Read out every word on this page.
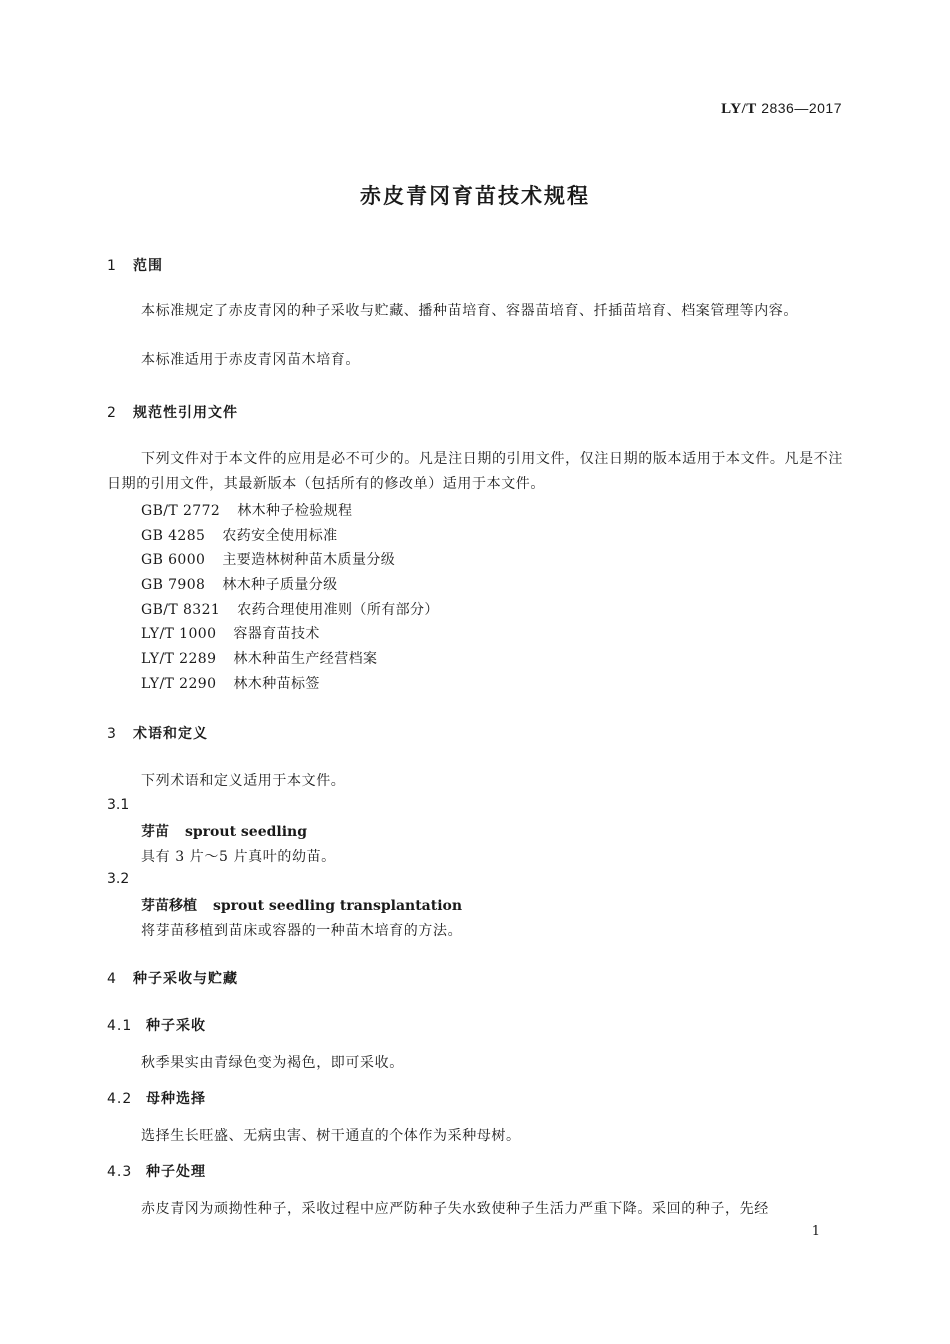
LY/T 2836—2017
赤皮青冈育苗技术规程
1 范围
本标准规定了赤皮青冈的种子采收与贮藏、播种苗培育、容器苗培育、扦插苗培育、档案管理等内容。
本标准适用于赤皮青冈苗木培育。
2 规范性引用文件
下列文件对于本文件的应用是必不可少的。凡是注日期的引用文件，仅注日期的版本适用于本文件。凡是不注日期的引用文件，其最新版本（包括所有的修改单）适用于本文件。
GB/T 2772 林木种子检验规程
GB 4285 农药安全使用标准
GB 6000 主要造林树种苗木质量分级
GB 7908 林木种子质量分级
GB/T 8321 农药合理使用准则（所有部分）
LY/T 1000 容器育苗技术
LY/T 2289 林木种苗生产经营档案
LY/T 2290 林木种苗标签
3 术语和定义
下列术语和定义适用于本文件。
3.1
芽苗 sprout seedling
具有 3 片～5 片真叶的幼苗。
3.2
芽苗移植 sprout seedling transplantation
将芽苗移植到苗床或容器的一种苗木培育的方法。
4 种子采收与贮藏
4.1 种子采收
秋季果实由青绿色变为褐色，即可采收。
4.2 母种选择
选择生长旺盛、无病虫害、树干通直的个体作为采种母树。
4.3 种子处理
赤皮青冈为顽拗性种子，采收过程中应严防种子失水致使种子生活力严重下降。采回的种子，先经
1
